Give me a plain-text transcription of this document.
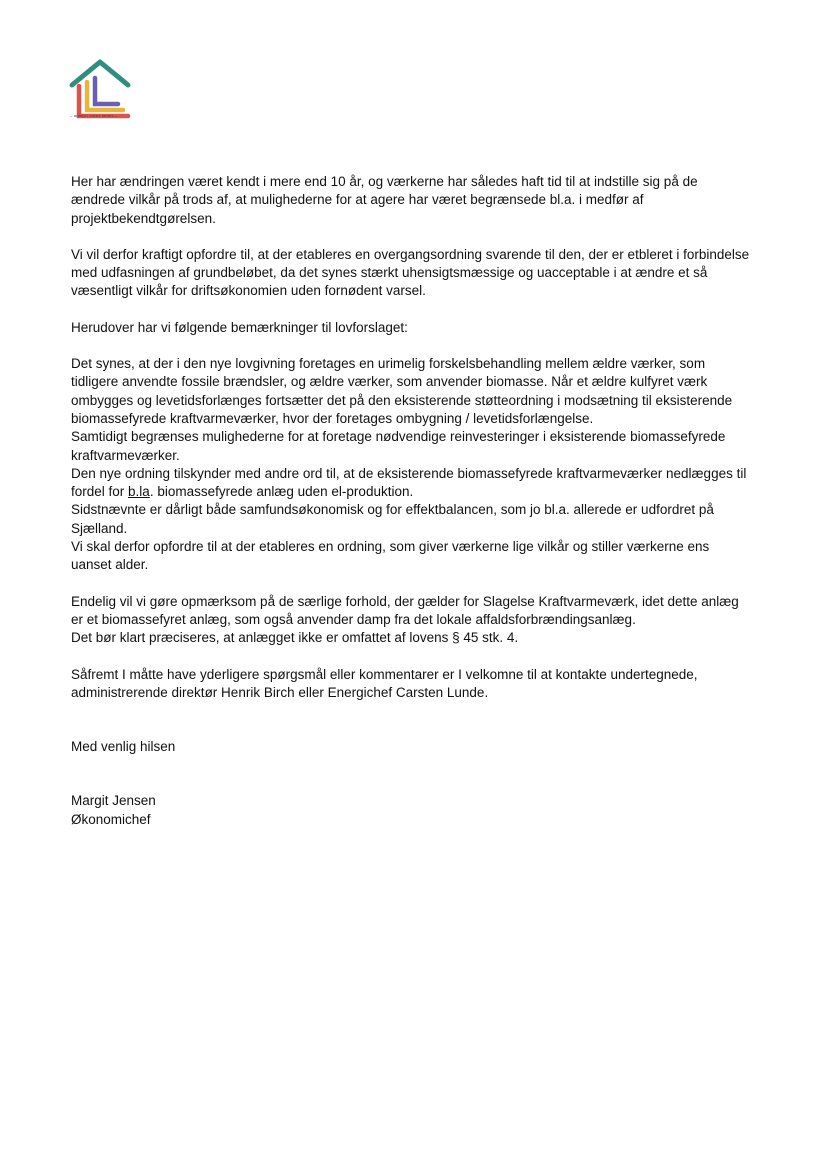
– arbejd i vores fælles –

Her har ændringen været kendt i mere end 10 år, og værkerne har således haft tid til at indstille sig på de ændrede vilkår på trods af, at mulighederne for at agere har været begrænsede bl.a. i medfør af projektbekendtgørelsen.

Vi vil derfor kraftigt opfordre til, at der etableres en overgangsordning svarende til den, der er etbleret i forbindelse med udfasningen af grundbeløbet, da det synes stærkt uhensigtsmæssige og uacceptable i at ændre et så væsentligt vilkår for driftsøkonomien uden fornødent varsel.

Herudover har vi følgende bemærkninger til lovforslaget:

Det synes, at der i den nye lovgivning foretages en urimelig forskelsbehandling mellem ældre værker, som tidligere anvendte fossile brændsler, og ældre værker, som anvender biomasse. Når et ældre kulfyret værk ombygges og levetidsforlænges fortsætter det på den eksisterende støtteordning i modsætning til eksisterende biomassefyrede kraftvarmeværker, hvor der foretages ombygning / levetidsforlængelse.

Samtidigt begrænses mulighederne for at foretage nødvendige reinvesteringer i eksisterende biomassefyrede kraftvarmeværker.

Den nye ordning tilskynder med andre ord til, at de eksisterende biomassefyrede kraftvarmeværker nedlægges til fordel for b.la. biomassefyrede anlæg uden el-produktion.

Sidstnævnte er dårligt både samfundsøkonomisk og for effektbalancen, som jo bl.a. allerede er udfordret på Sjælland.

Vi skal derfor opfordre til at der etableres en ordning, som giver værkerne lige vilkår og stiller værkerne ens uanset alder.

Endelig vil vi gøre opmærksom på de særlige forhold, der gælder for Slagelse Kraftvarmeværk, idet dette anlæg er et biomassefyret anlæg, som også anvender damp fra det lokale affaldsforbrændingsanlæg.

Det bør klart præciseres, at anlægget ikke er omfattet af lovens § 45 stk. 4.

Såfremt I måtte have yderligere spørgsmål eller kommentarer er I velkomne til at kontakte undertegnede, administrerende direktør Henrik Birch eller Energichef Carsten Lunde.

Med venlig hilsen

Margit Jensen

Økonomichef
